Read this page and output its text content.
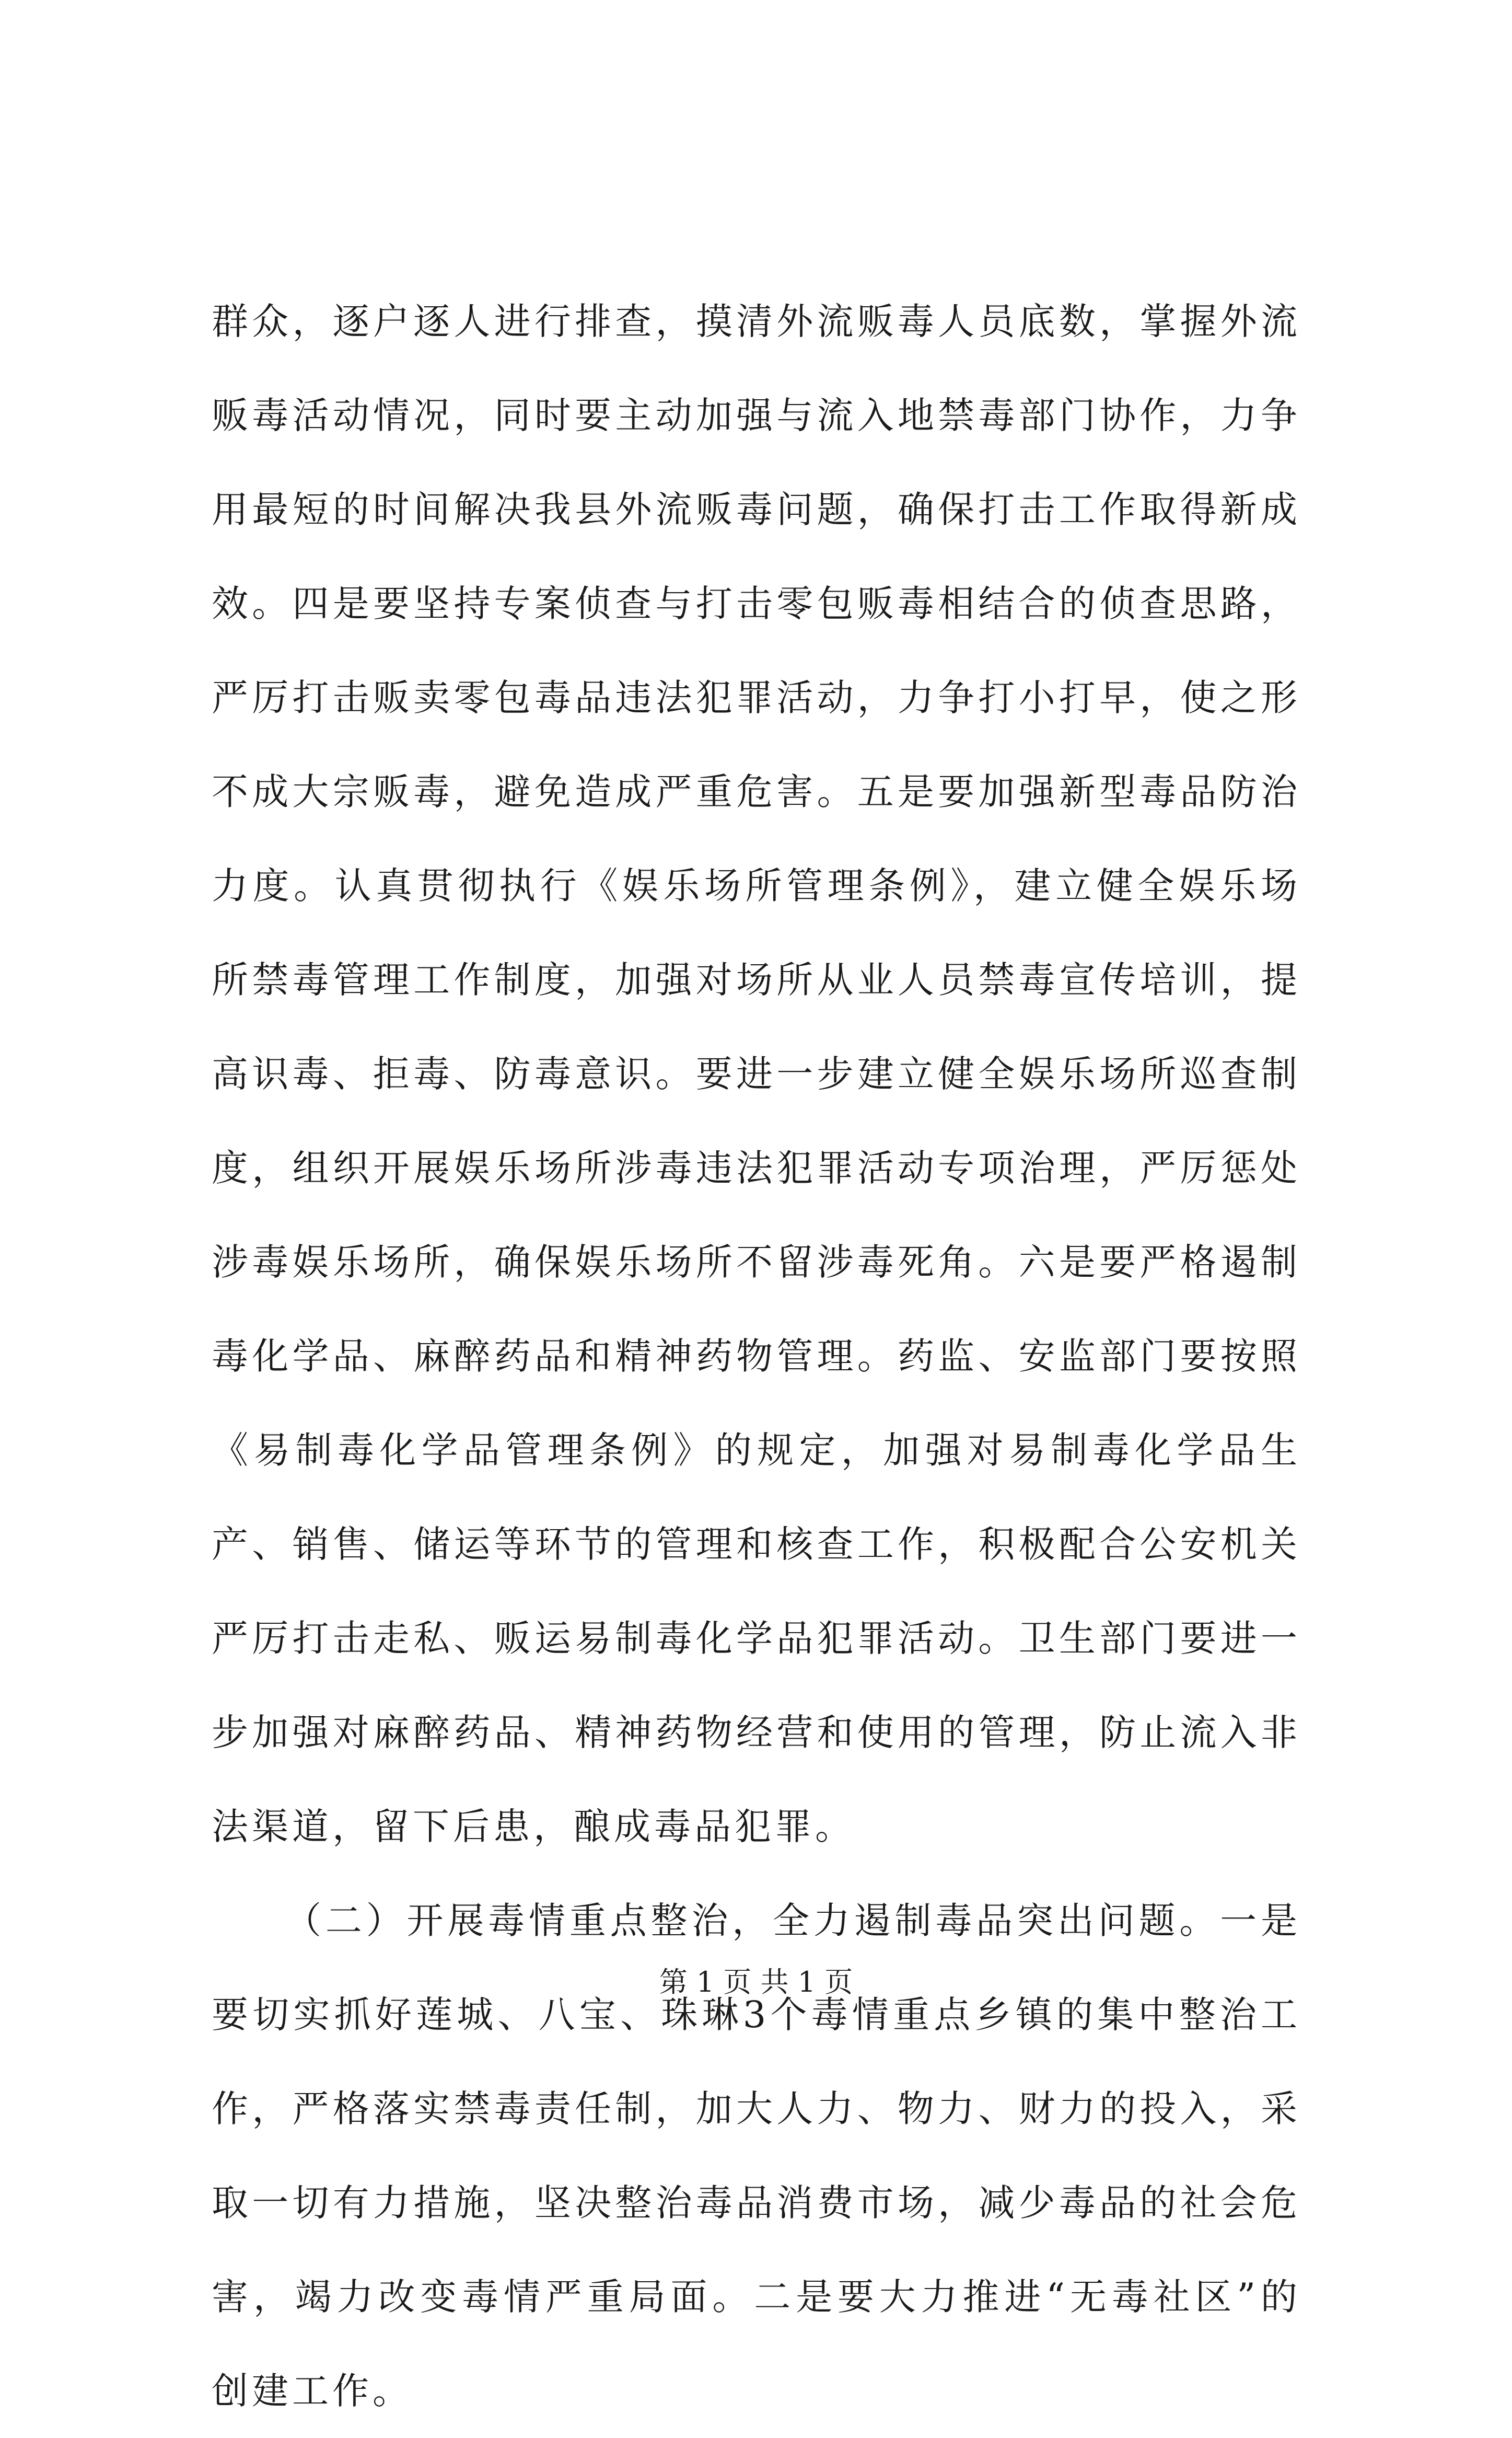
群众，逐户逐人进行排查，摸清外流贩毒人员底数，掌握外流贩毒活动情况，同时要主动加强与流入地禁毒部门协作，力争用最短的时间解决我县外流贩毒问题，确保打击工作取得新成效。四是要坚持专案侦查与打击零包贩毒相结合的侦查思路，严厉打击贩卖零包毒品违法犯罪活动，力争打小打早，使之形不成大宗贩毒，避免造成严重危害。五是要加强新型毒品防治力度。认真贯彻执行《娱乐场所管理条例》，建立健全娱乐场所禁毒管理工作制度，加强对场所从业人员禁毒宣传培训，提高识毒、拒毒、防毒意识。要进一步建立健全娱乐场所巡查制度，组织开展娱乐场所涉毒违法犯罪活动专项治理，严厉惩处涉毒娱乐场所，确保娱乐场所不留涉毒死角。六是要严格遏制毒化学品、麻醉药品和精神药物管理。药监、安监部门要按照《易制毒化学品管理条例》的规定，加强对易制毒化学品生产、销售、储运等环节的管理和核查工作，积极配合公安机关严厉打击走私、贩运易制毒化学品犯罪活动。卫生部门要进一步加强对麻醉药品、精神药物经营和使用的管理，防止流入非法渠道，留下后患，酿成毒品犯罪。

（二）开展毒情重点整治，全力遏制毒品突出问题。一是要切实抓好莲城、八宝、珠琳3个毒情重点乡镇的集中整治工作，严格落实禁毒责任制，加大人力、物力、财力的投入，采取一切有力措施，坚决整治毒品消费市场，减少毒品的社会危害，竭力改变毒情严重局面。二是要大力推进“无毒社区”的创建工作。

第 1 页 共 1 页
